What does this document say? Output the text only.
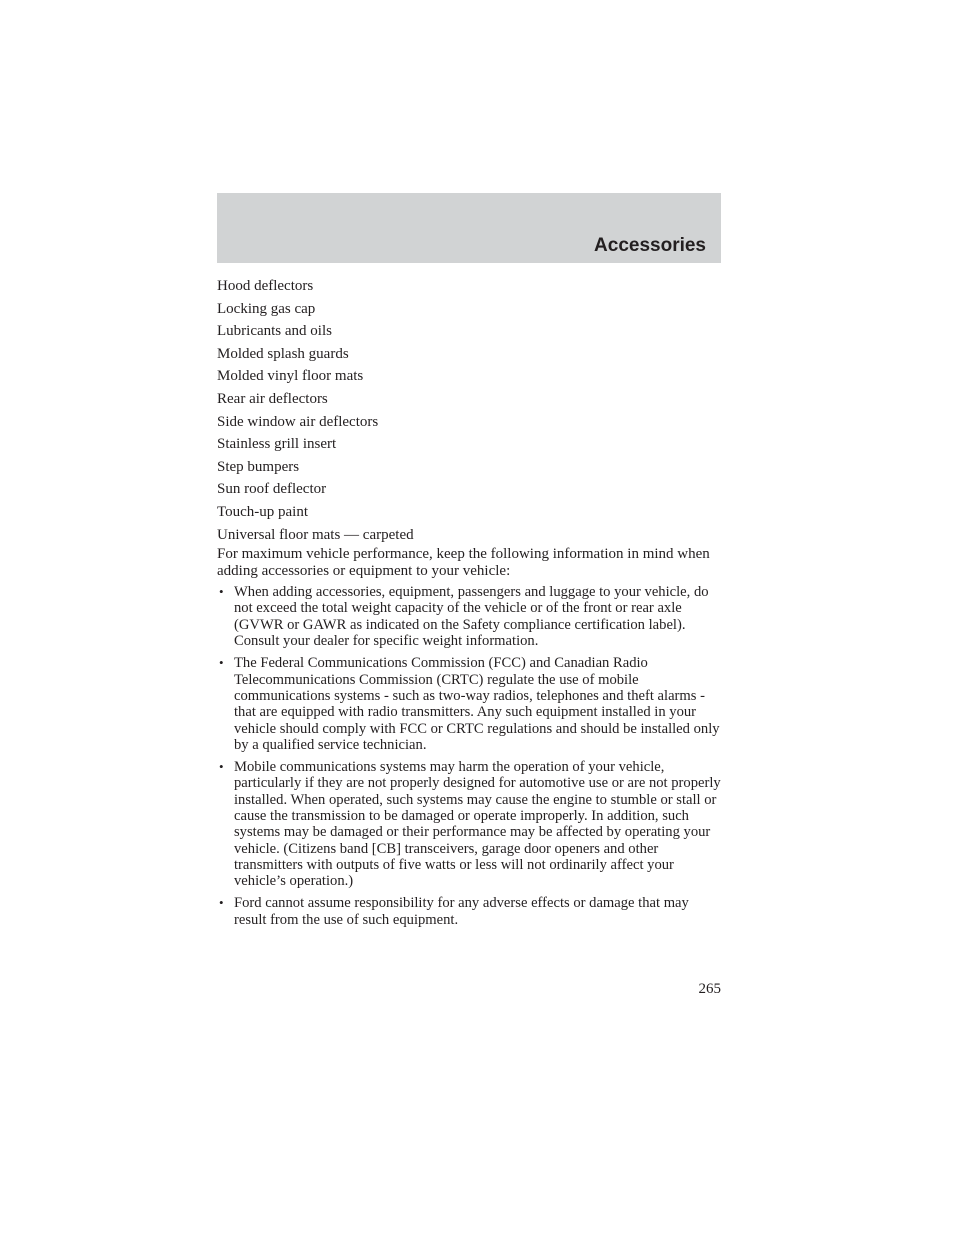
Accessories
Hood deflectors
Locking gas cap
Lubricants and oils
Molded splash guards
Molded vinyl floor mats
Rear air deflectors
Side window air deflectors
Stainless grill insert
Step bumpers
Sun roof deflector
Touch-up paint
Universal floor mats — carpeted

For maximum vehicle performance, keep the following information in mind when adding accessories or equipment to your vehicle:

• When adding accessories, equipment, passengers and luggage to your vehicle, do not exceed the total weight capacity of the vehicle or of the front or rear axle (GVWR or GAWR as indicated on the Safety compliance certification label). Consult your dealer for specific weight information.
• The Federal Communications Commission (FCC) and Canadian Radio Telecommunications Commission (CRTC) regulate the use of mobile communications systems - such as two-way radios, telephones and theft alarms - that are equipped with radio transmitters. Any such equipment installed in your vehicle should comply with FCC or CRTC regulations and should be installed only by a qualified service technician.
• Mobile communications systems may harm the operation of your vehicle, particularly if they are not properly designed for automotive use or are not properly installed. When operated, such systems may cause the engine to stumble or stall or cause the transmission to be damaged or operate improperly. In addition, such systems may be damaged or their performance may be affected by operating your vehicle. (Citizens band [CB] transceivers, garage door openers and other transmitters with outputs of five watts or less will not ordinarily affect your vehicle’s operation.)
• Ford cannot assume responsibility for any adverse effects or damage that may result from the use of such equipment.
265
